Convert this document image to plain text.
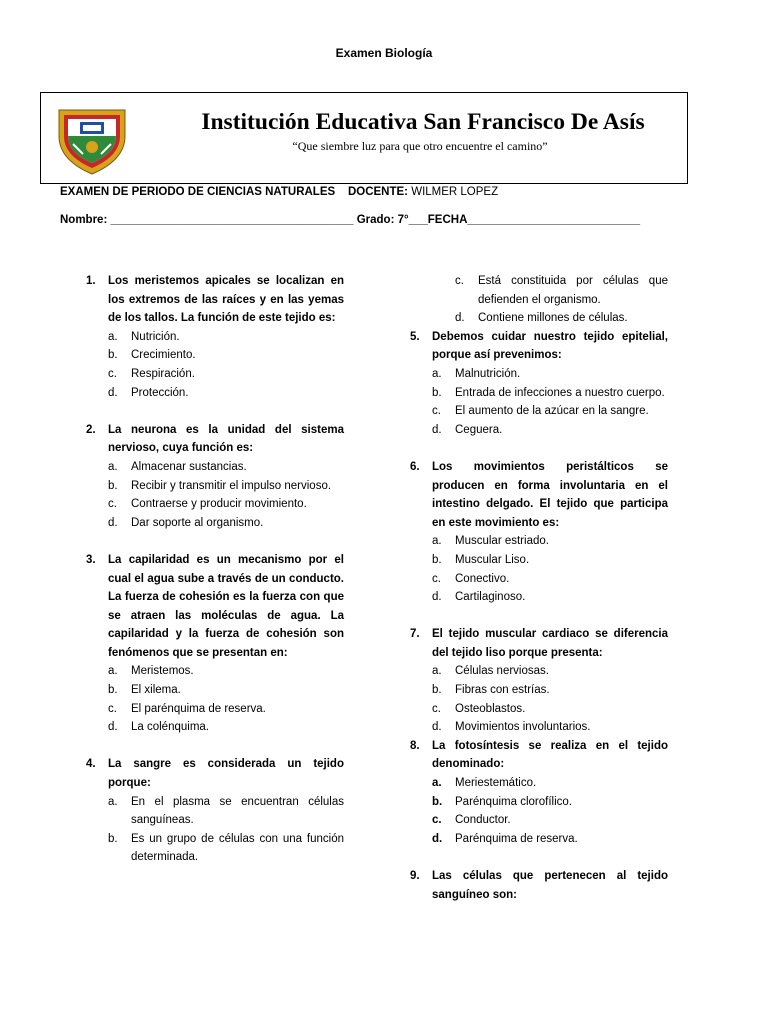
Examen Biología
Institución Educativa San Francisco De Asís
“Que siembre luz para que otro encuentre el camino”
EXAMEN DE PERIODO DE CIENCIAS NATURALES    DOCENTE: WILMER LOPEZ
Nombre: ______________________________________ Grado: 7°___FECHA___________________________
1. Los meristemos apicales se localizan en los extremos de las raíces y en las yemas de los tallos. La función de este tejido es:

a. Nutrición.
b. Crecimiento.
c. Respiración.
d. Protección.
2. La neurona es la unidad del sistema nervioso, cuya función es:

a. Almacenar sustancias.
b. Recibir y transmitir el impulso nervioso.
c. Contraerse y producir movimiento.
d. Dar soporte al organismo.
3. La capilaridad es un mecanismo por el cual el agua sube a través de un conducto. La fuerza de cohesión es la fuerza con que se atraen las moléculas de agua. La capilaridad y la fuerza de cohesión son fenómenos que se presentan en:

a. Meristemos.
b. El xilema.
c. El parénquima de reserva.
d. La colénquima.
4. La sangre es considerada un tejido porque:

a. En el plasma se encuentran células sanguíneas.
b. Es un grupo de células con una función determinada.
c. Está constituida por células que defienden el organismo.
d. Contiene millones de células.
5. Debemos cuidar nuestro tejido epitelial, porque así prevenimos:

a. Malnutrición.
b. Entrada de infecciones a nuestro cuerpo.
c. El aumento de la azúcar en la sangre.
d. Ceguera.
6. Los movimientos peristálticos se producen en forma involuntaria en el intestino delgado. El tejido que participa en este movimiento es:

a. Muscular estriado.
b. Muscular Liso.
c. Conectivo.
d. Cartilaginoso.
7. El tejido muscular cardiaco se diferencia del tejido liso porque presenta:

a. Células nerviosas.
b. Fibras con estrías.
c. Osteoblastos.
d. Movimientos involuntarios.
8. La fotosíntesis se realiza en el tejido denominado:

a. Meriestemático.
b. Parénquima clorofílico.
c. Conductor.
d. Parénquima de reserva.
9. Las células que pertenecen al tejido sanguíneo son:
